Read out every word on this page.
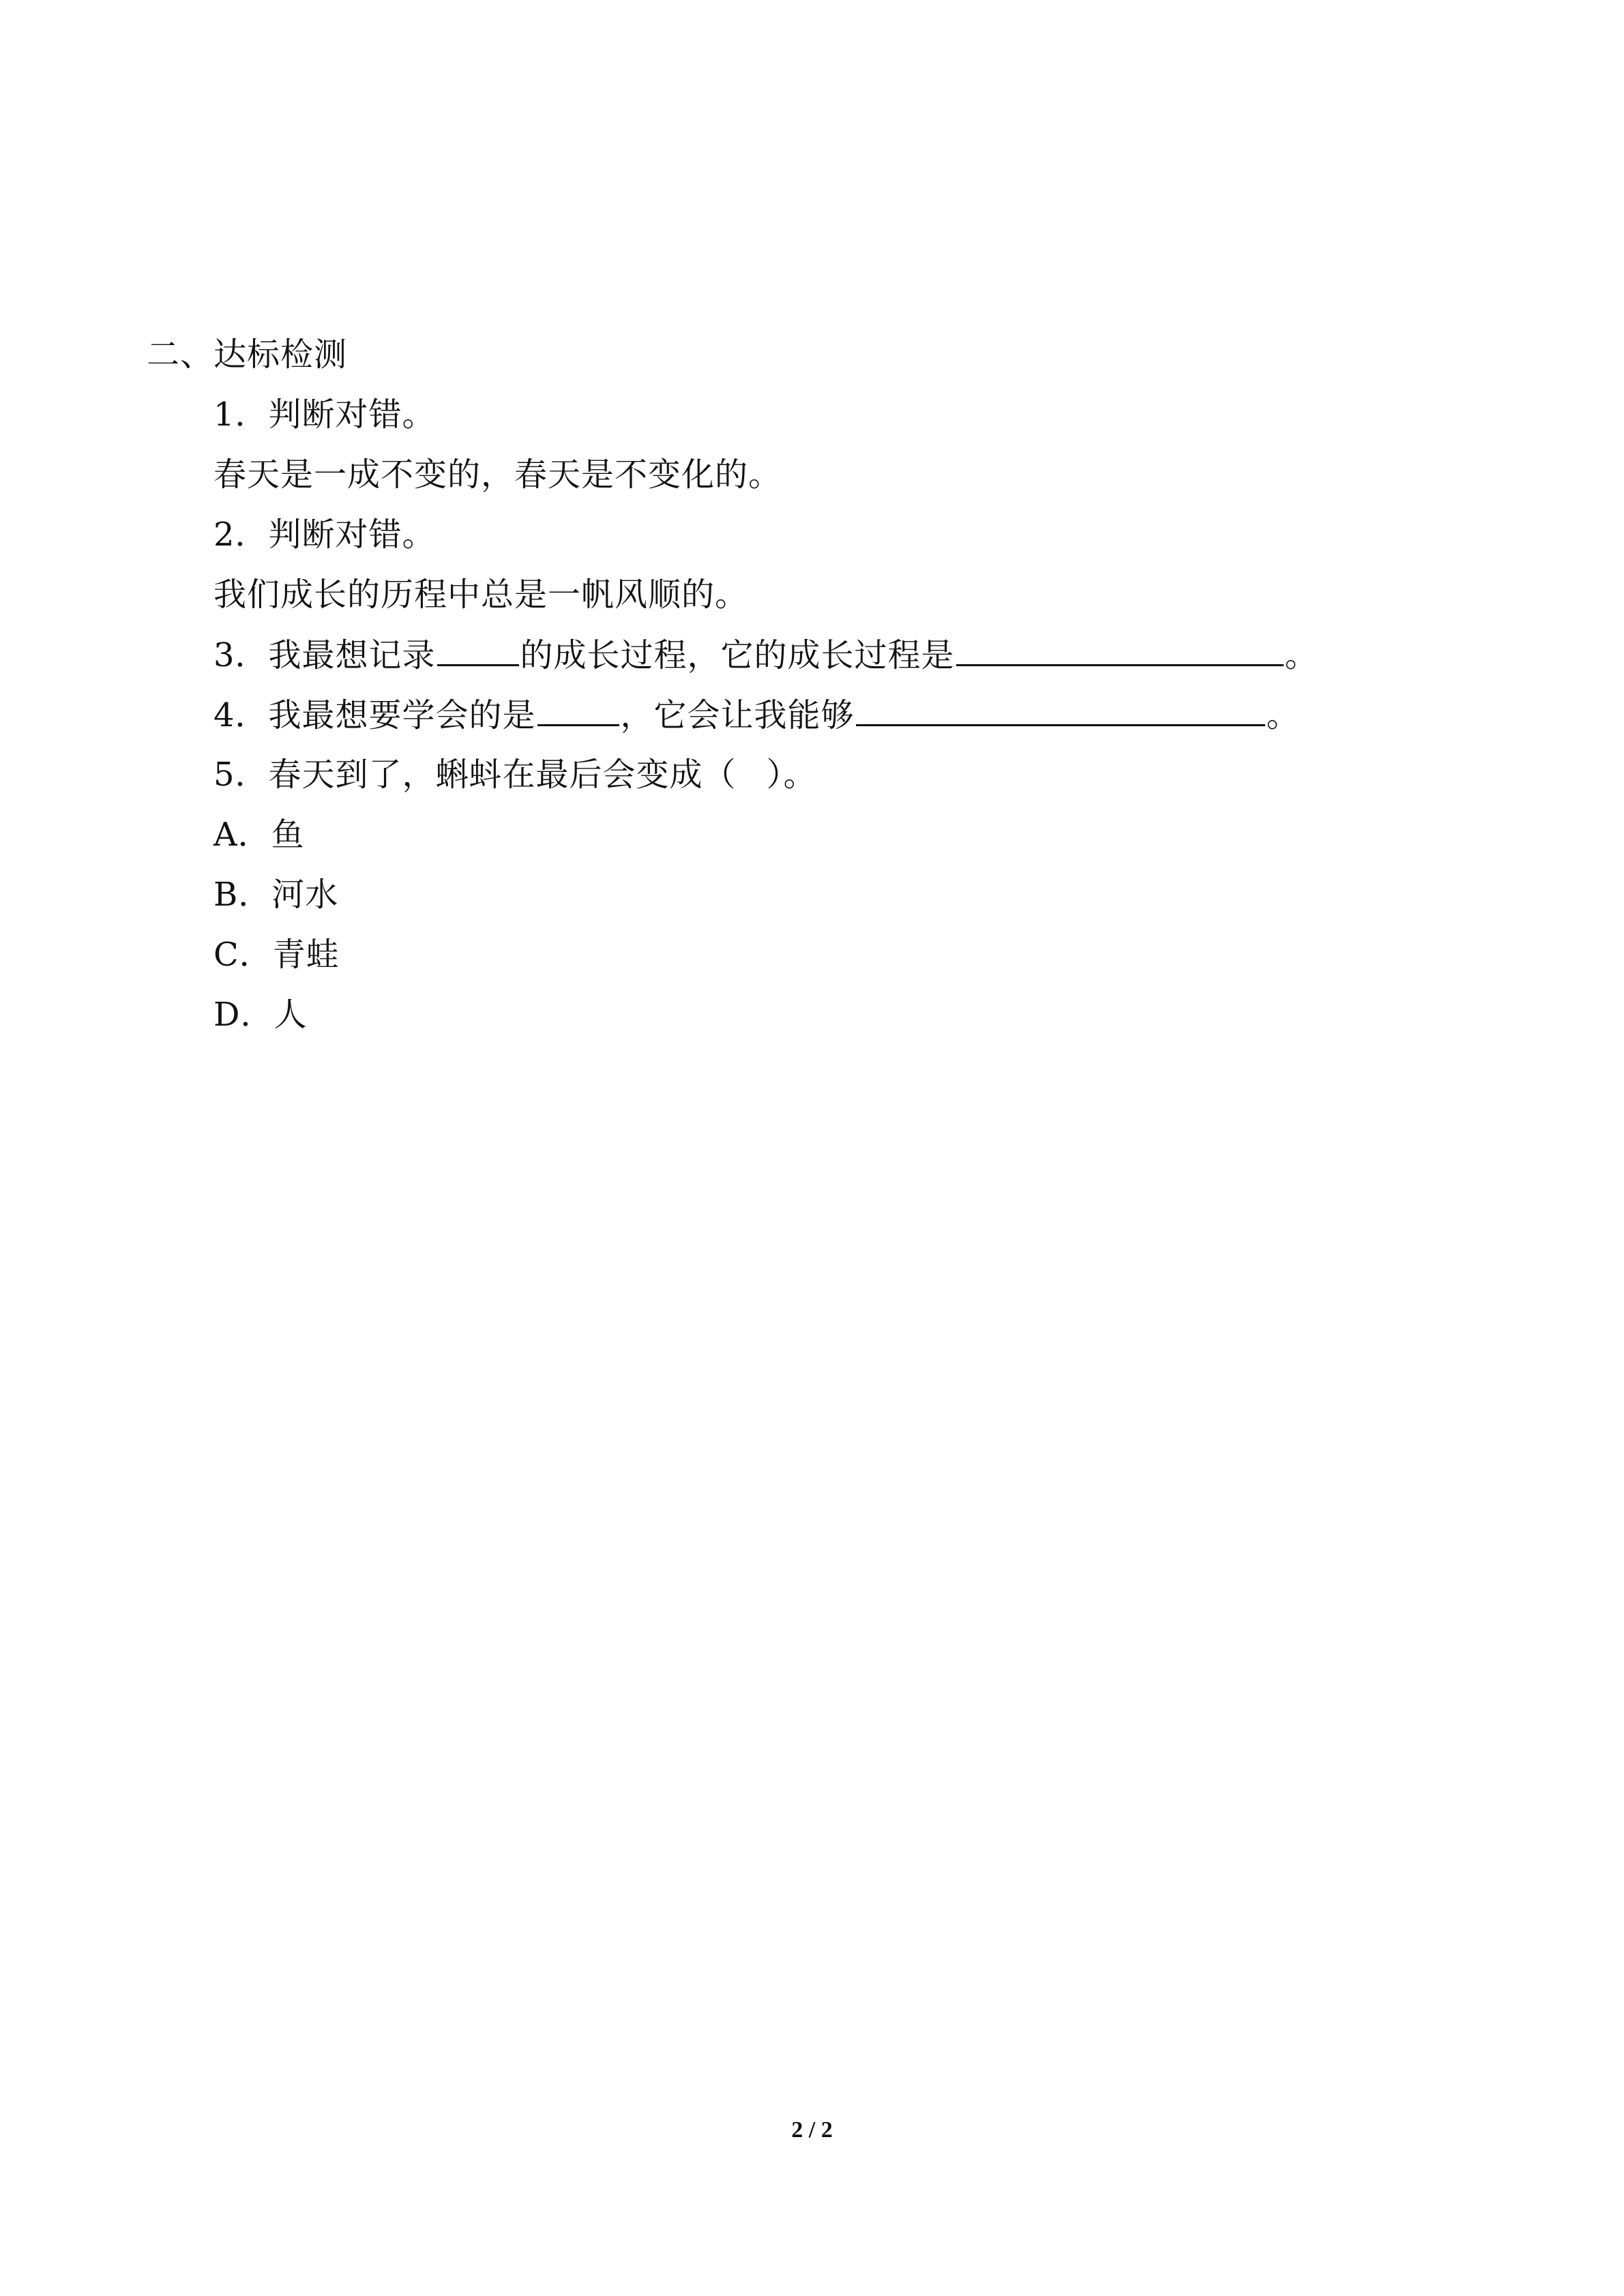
二、达标检测
1．判断对错。
春天是一成不变的，春天是不变化的。
2．判断对错。
我们成长的历程中总是一帆风顺的。
3．我最想记录	的成长过程，它的成长过程是	。
4．我最想要学会的是	，它会让我能够	。
5．春天到了，蝌蚪在最后会变成（ ）。
A．鱼
B．河水
C．青蛙
D．人
2 / 2
